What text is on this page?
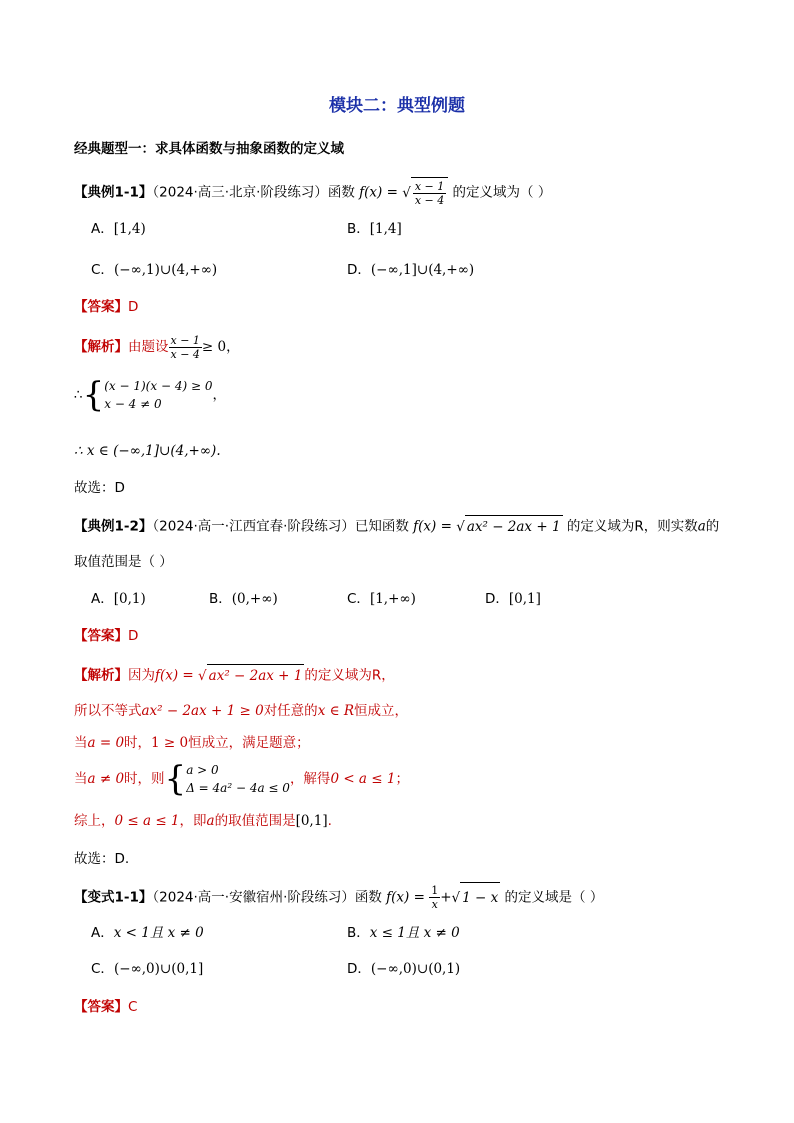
模块二：典型例题
经典题型一：求具体函数与抽象函数的定义域
【典例1-1】（2024·高三·北京·阶段练习）函数 f(x) = √ $\frac{x - 1}{x - 4}$ 的定义域为（ ）
A．[1,4)	B．[1,4]
C．(−∞,1)∪(4,+∞)	D．(−∞,1]∪(4,+∞)
【答案】D
【解析】由题设 $\frac{x - 1}{x - 4} \ge 0$，
∴{ (x − 1)(x − 4) ≥ 0
x − 4 ≠ 0
，
∴ x ∈ (−∞,1]∪(4,+∞).
故选：D
【典例1-2】（2024·高一·江西宜春·阶段练习）已知函数 f(x) = √ ax² − 2ax + 1 的定义域为R，则实数a的
取值范围是（ ）
A．[0,1)	B．(0,+∞)	C．[1,+∞)	D．[0,1]
【答案】D
【解析】因为f(x) = √ ax² − 2ax + 1 的定义域为R，
所以不等式ax² − 2ax + 1 ≥ 0对任意的x ∈ R恒成立，
当a = 0时，1 ≥ 0恒成立，满足题意；
当a ≠ 0时，则{ a > 0
Δ = 4a² − 4a ≤ 0
，解得0 < a ≤ 1；
综上，0 ≤ a ≤ 1，即a的取值范围是[0,1].
故选：D.
【变式1-1】（2024·高一·安徽宿州·阶段练习）函数 $f(x) = \frac{1}{x}$ +√ 1 − x 的定义域是（ ）
A．x < 1且 x ≠ 0	B．x ≤ 1且 x ≠ 0
C．(−∞,0)∪(0,1]	D．(−∞,0)∪(0,1)
【答案】C
